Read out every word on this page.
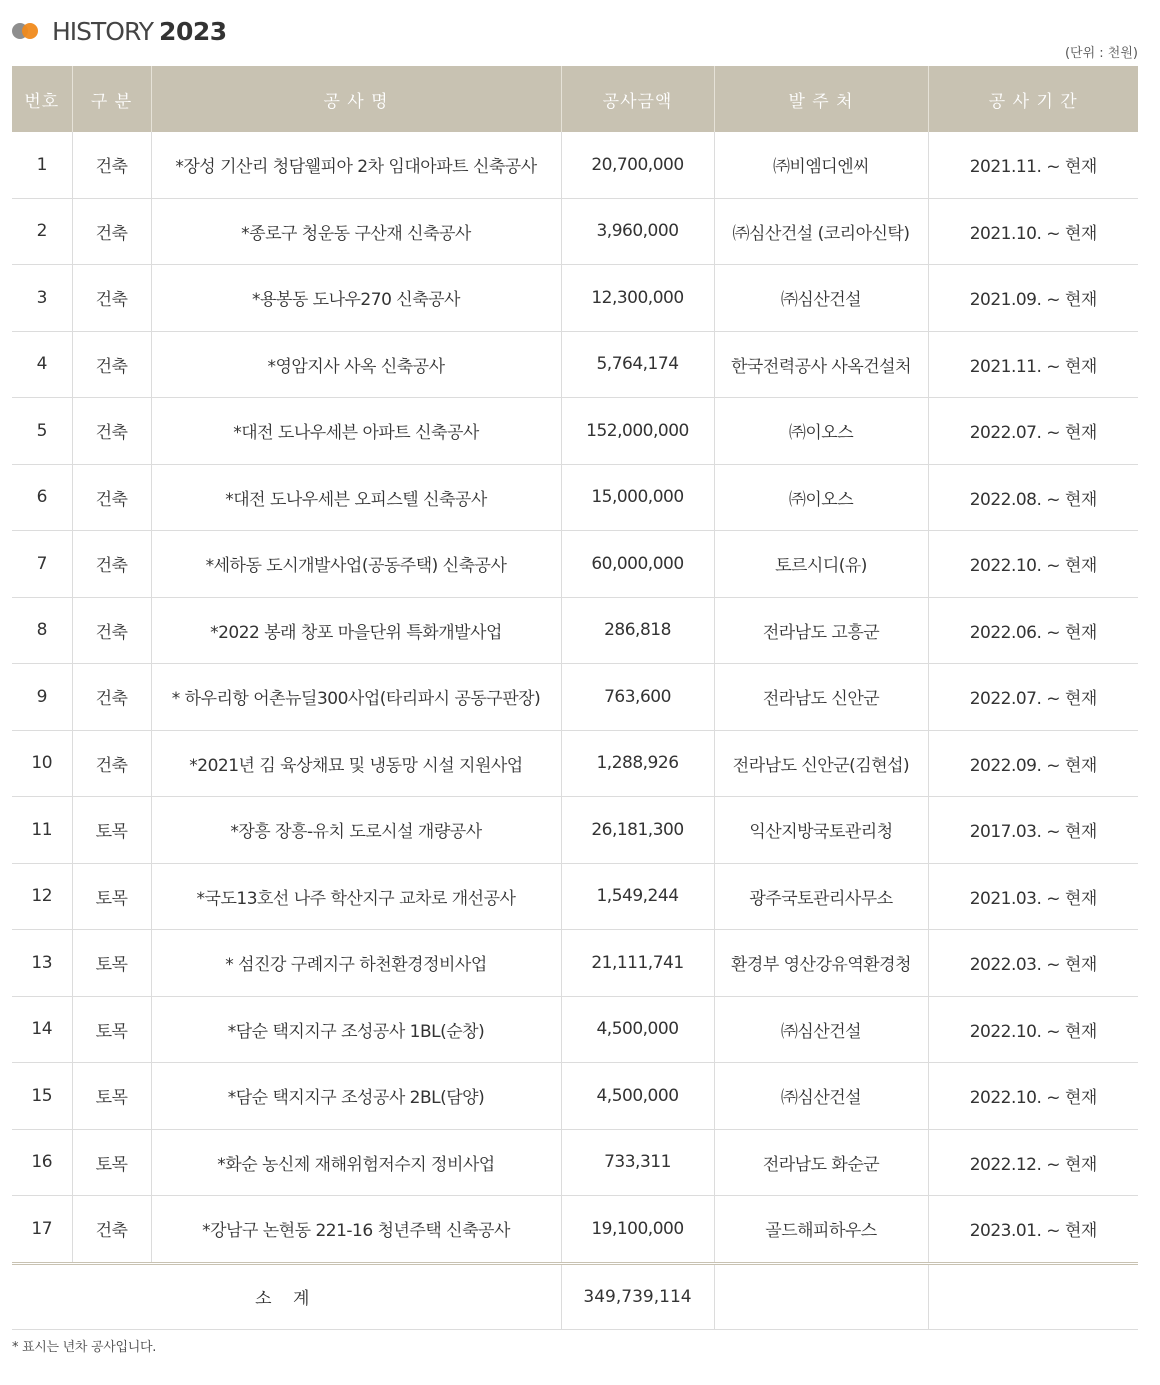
HISTORY 2023
(단위 : 천원)
번호	구 분	공 사 명	공사금액	발 주 처	공 사 기 간
1	건축	*장성 기산리 청담웰피아 2차 임대아파트 신축공사	20,700,000	㈜비엠디엔씨	2021.11. ~ 현재
2	건축	*종로구 청운동 구산재 신축공사	3,960,000	㈜심산건설 (코리아신탁)	2021.10. ~ 현재
3	건축	*용봉동 도나우270 신축공사	12,300,000	㈜심산건설	2021.09. ~ 현재
4	건축	*영암지사 사옥 신축공사	5,764,174	한국전력공사 사옥건설처	2021.11. ~ 현재
5	건축	*대전 도나우세븐 아파트 신축공사	152,000,000	㈜이오스	2022.07. ~ 현재
6	건축	*대전 도나우세븐 오피스텔 신축공사	15,000,000	㈜이오스	2022.08. ~ 현재
7	건축	*세하동 도시개발사업(공동주택) 신축공사	60,000,000	토르시디(유)	2022.10. ~ 현재
8	건축	*2022 봉래 창포 마을단위 특화개발사업	286,818	전라남도 고흥군	2022.06. ~ 현재
9	건축	* 하우리항 어촌뉴딜300사업(타리파시 공동구판장)	763,600	전라남도 신안군	2022.07. ~ 현재
10	건축	*2021년 김 육상채묘 및 냉동망 시설 지원사업	1,288,926	전라남도 신안군(김현섭)	2022.09. ~ 현재
11	토목	*장흥 장흥-유치 도로시설 개량공사	26,181,300	익산지방국토관리청	2017.03. ~ 현재
12	토목	*국도13호선 나주 학산지구 교차로 개선공사	1,549,244	광주국토관리사무소	2021.03. ~ 현재
13	토목	* 섬진강 구례지구 하천환경정비사업	21,111,741	환경부 영산강유역환경청	2022.03. ~ 현재
14	토목	*담순 택지지구 조성공사 1BL(순창)	4,500,000	㈜심산건설	2022.10. ~ 현재
15	토목	*담순 택지지구 조성공사 2BL(담양)	4,500,000	㈜심산건설	2022.10. ~ 현재
16	토목	*화순 농신제 재해위험저수지 정비사업	733,311	전라남도 화순군	2022.12. ~ 현재
17	건축	*강남구 논현동 221-16 청년주택 신축공사	19,100,000	골드해피하우스	2023.01. ~ 현재
소 계			349,739,114		
* 표시는 년차 공사입니다.
